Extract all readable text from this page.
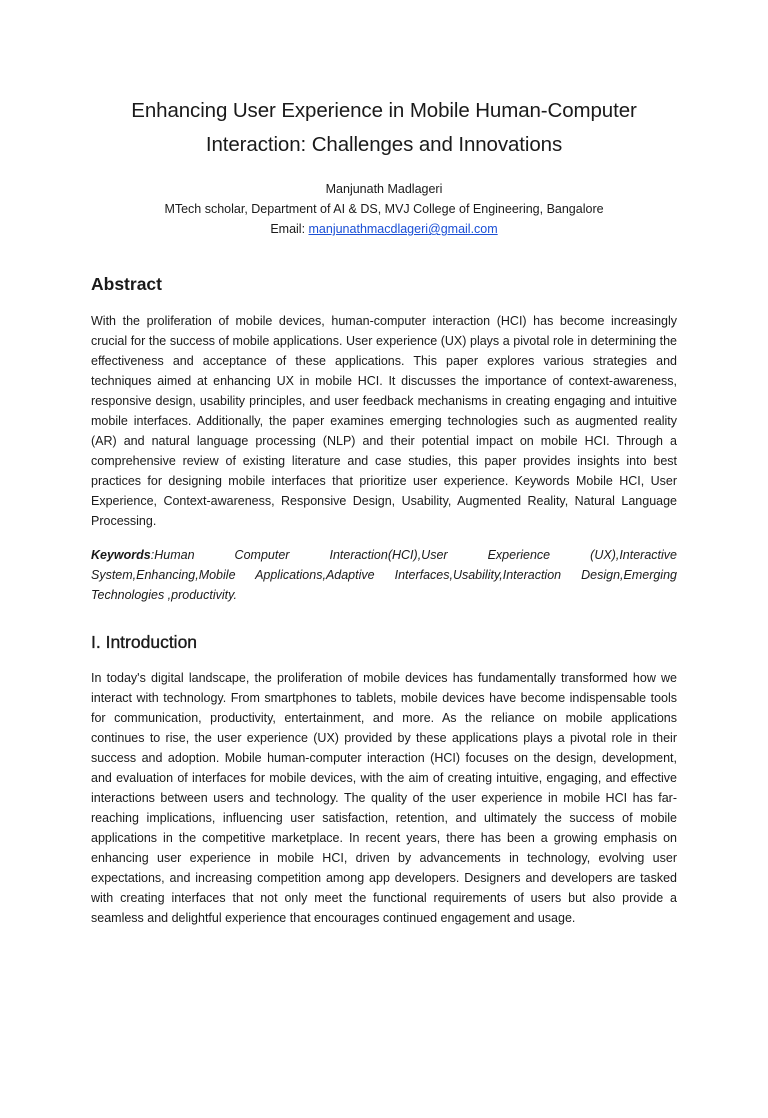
Enhancing User Experience in Mobile Human-Computer
Interaction: Challenges and Innovations
Manjunath Madlageri
MTech scholar, Department of AI & DS, MVJ College of Engineering, Bangalore
Email: manjunathmacdlageri@gmail.com
Abstract

With the proliferation of mobile devices, human-computer interaction (HCI) has become increasingly crucial for the success of mobile applications. User experience (UX) plays a pivotal role in determining the effectiveness and acceptance of these applications. This paper explores various strategies and techniques aimed at enhancing UX in mobile HCI. It discusses the importance of context-awareness, responsive design, usability principles, and user feedback mechanisms in creating engaging and intuitive mobile interfaces. Additionally, the paper examines emerging technologies such as augmented reality (AR) and natural language processing (NLP) and their potential impact on mobile HCI. Through a comprehensive review of existing literature and case studies, this paper provides insights into best practices for designing mobile interfaces that prioritize user experience. Keywords Mobile HCI, User Experience, Context-awareness, Responsive Design, Usability, Augmented Reality, Natural Language Processing.

Keywords:Human Computer Interaction(HCI),User Experience (UX),Interactive System,Enhancing,Mobile Applications,Adaptive Interfaces,Usability,Interaction Design,Emerging Technologies ,productivity.

I. Introduction

In today's digital landscape, the proliferation of mobile devices has fundamentally transformed how we interact with technology. From smartphones to tablets, mobile devices have become indispensable tools for communication, productivity, entertainment, and more. As the reliance on mobile applications continues to rise, the user experience (UX) provided by these applications plays a pivotal role in their success and adoption. Mobile human-computer interaction (HCI) focuses on the design, development, and evaluation of interfaces for mobile devices, with the aim of creating intuitive, engaging, and effective interactions between users and technology. The quality of the user experience in mobile HCI has far-reaching implications, influencing user satisfaction, retention, and ultimately the success of mobile applications in the competitive marketplace. In recent years, there has been a growing emphasis on enhancing user experience in mobile HCI, driven by advancements in technology, evolving user expectations, and increasing competition among app developers. Designers and developers are tasked with creating interfaces that not only meet the functional requirements of users but also provide a seamless and delightful experience that encourages continued engagement and usage.
